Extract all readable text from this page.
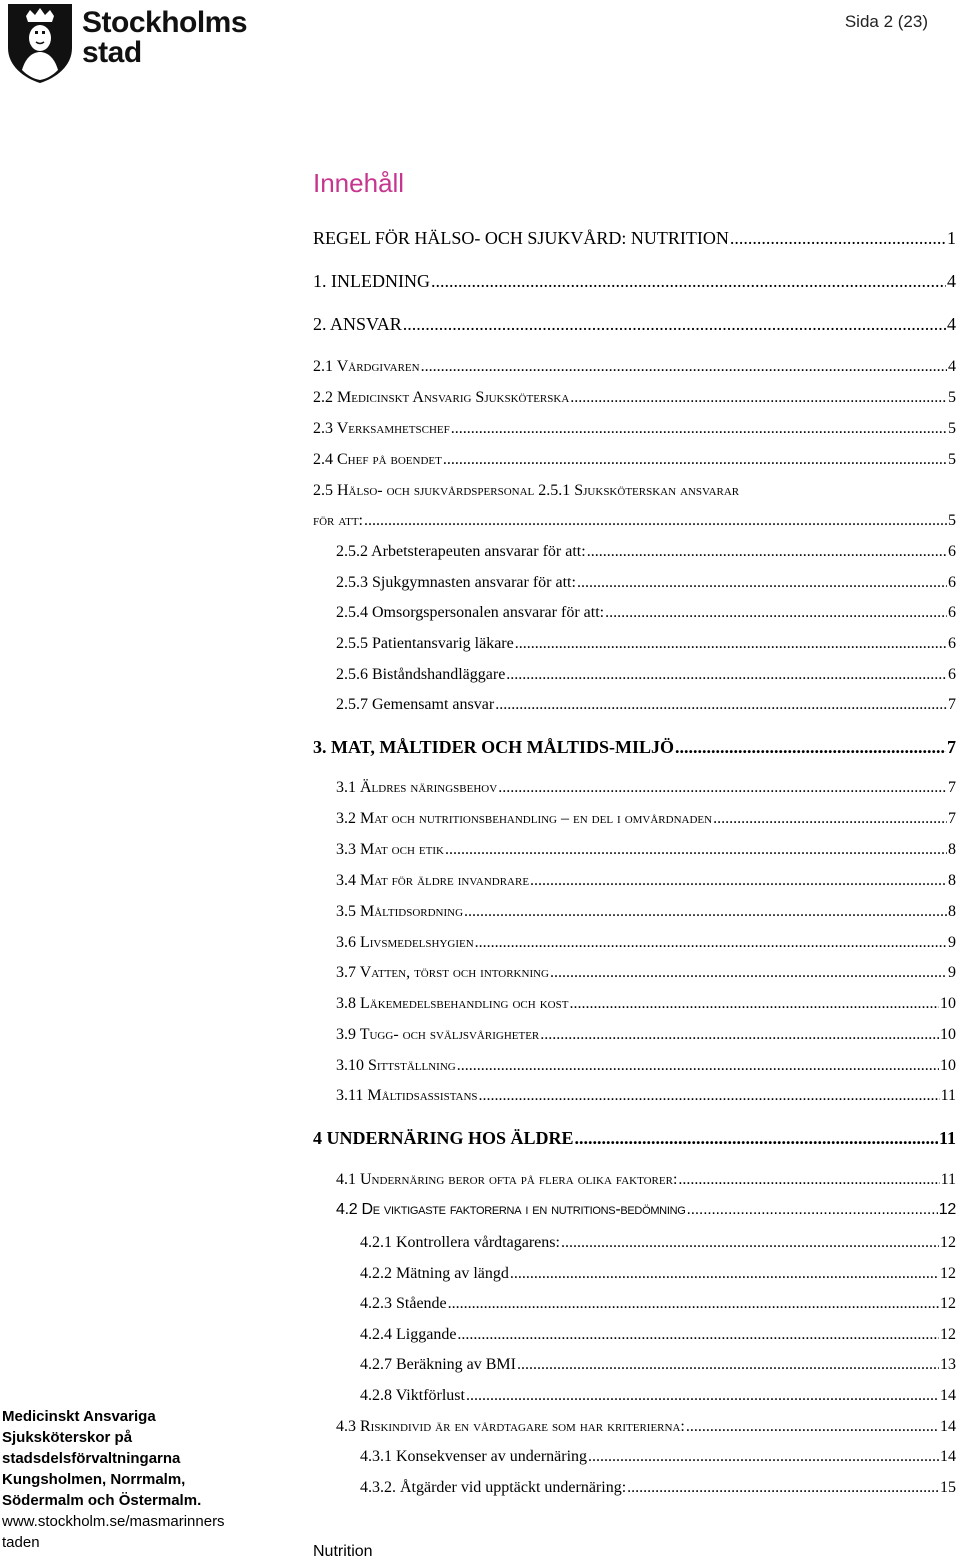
Stockholms
stad
Sida 2 (23)
Innehåll
REGEL FÖR HÄLSO- OCH SJUKVÅRD: NUTRITION .....	1
1. INLEDNING .....	4
2. ANSVAR .....	4
2.1 Vårdgivaren .....	4
2.2 Medicinskt Ansvarig Sjuksköterska .....	5
2.3 Verksamhetschef .....	5
2.4 Chef på boendet .....	5
2.5 Hälso- och sjukvårdspersonal 2.5.1 Sjuksköterskan ansvarar
för att: .....	5
2.5.2 Arbetsterapeuten ansvarar för att: .....	6
2.5.3 Sjukgymnasten ansvarar för att: .....	6
2.5.4 Omsorgspersonalen ansvarar för att: .....	6
2.5.5 Patientansvarig läkare .....	6
2.5.6 Biståndshandläggare .....	6
2.5.7 Gemensamt ansvar .....	7
3. MAT, MÅLTIDER OCH MÅLTIDS-MILJÖ .....	7
3.1 Äldres näringsbehov .....	7
3.2 Mat och nutritionsbehandling – en del i omvårdnaden .....	7
3.3 Mat och etik .....	8
3.4 Mat för äldre invandrare .....	8
3.5 Måltidsordning .....	8
3.6 Livsmedelshygien .....	9
3.7 Vatten, törst och intorkning .....	9
3.8 Läkemedelsbehandling och kost .....	10
3.9 Tugg- och sväljsvårigheter .....	10
3.10 Sittställning .....	10
3.11 Måltidsassistans .....	11
4 UNDERNÄRING HOS ÄLDRE .....	11
4.1 Undernäring beror ofta på flera olika faktorer: .....	11
4.2 De viktigaste faktorerna i en nutritions-bedömning .....	12
4.2.1 Kontrollera vårdtagarens: .....	12
4.2.2 Mätning av längd .....	12
4.2.3 Stående .....	12
4.2.4 Liggande .....	12
4.2.7 Beräkning av BMI .....	13
4.2.8 Viktförlust .....	14
4.3 Riskindivid är en vårdtagare som har kriterierna: .....	14
4.3.1 Konsekvenser av undernäring .....	14
4.3.2. Åtgärder vid upptäckt undernäring: .....	15
Medicinskt Ansvariga
Sjuksköterskor på
stadsdelsförvaltningarna
Kungsholmen, Norrmalm,
Södermalm och Östermalm.
www.stockholm.se/masmarinners
taden
Nutrition
